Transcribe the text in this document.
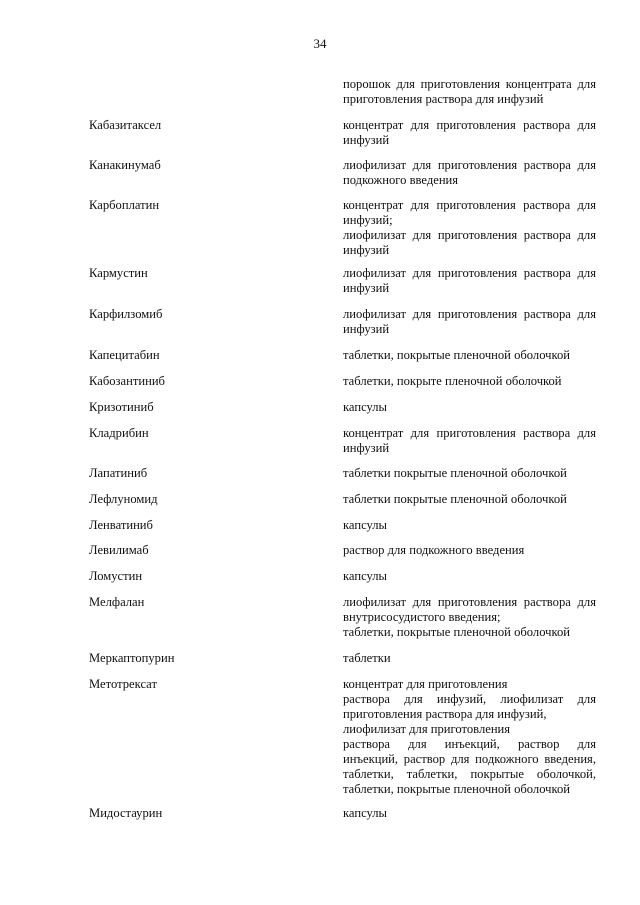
34
порошок для приготовления концентрата для
приготовления раствора для инфузий
Кабазитаксел	концентрат для приготовления раствора для
инфузий
Канакинумаб	лиофилизат для приготовления раствора для
подкожного введения
Карбоплатин	концентрат для приготовления раствора для
инфузий;
лиофилизат для приготовления раствора для
инфузий
Кармустин	лиофилизат для приготовления раствора для
инфузий
Карфилзомиб	лиофилизат для приготовления раствора для
инфузий
Капецитабин	таблетки, покрытые пленочной оболочкой
Кабозантиниб	таблетки, покрыте пленочной оболочкой
Кризотиниб	капсулы
Кладрибин	концентрат для приготовления раствора для
инфузий
Лапатиниб	таблетки покрытые пленочной оболочкой
Лефлуномид	таблетки покрытые пленочной оболочкой
Ленватиниб	капсулы
Левилимаб	раствор для подкожного введения
Ломустин	капсулы
Мелфалан	лиофилизат для приготовления раствора для
внутрисосудистого введения;
таблетки, покрытые пленочной оболочкой
Меркаптопурин	таблетки
Метотрексат	концентрат для приготовления
раствора для инфузий, лиофилизат для
приготовления раствора для инфузий,
лиофилизат для приготовления
раствора для инъекций, раствор для
инъекций, раствор для подкожного введения,
таблетки, таблетки, покрытые оболочкой,
таблетки, покрытые пленочной оболочкой
Мидостаурин	капсулы
